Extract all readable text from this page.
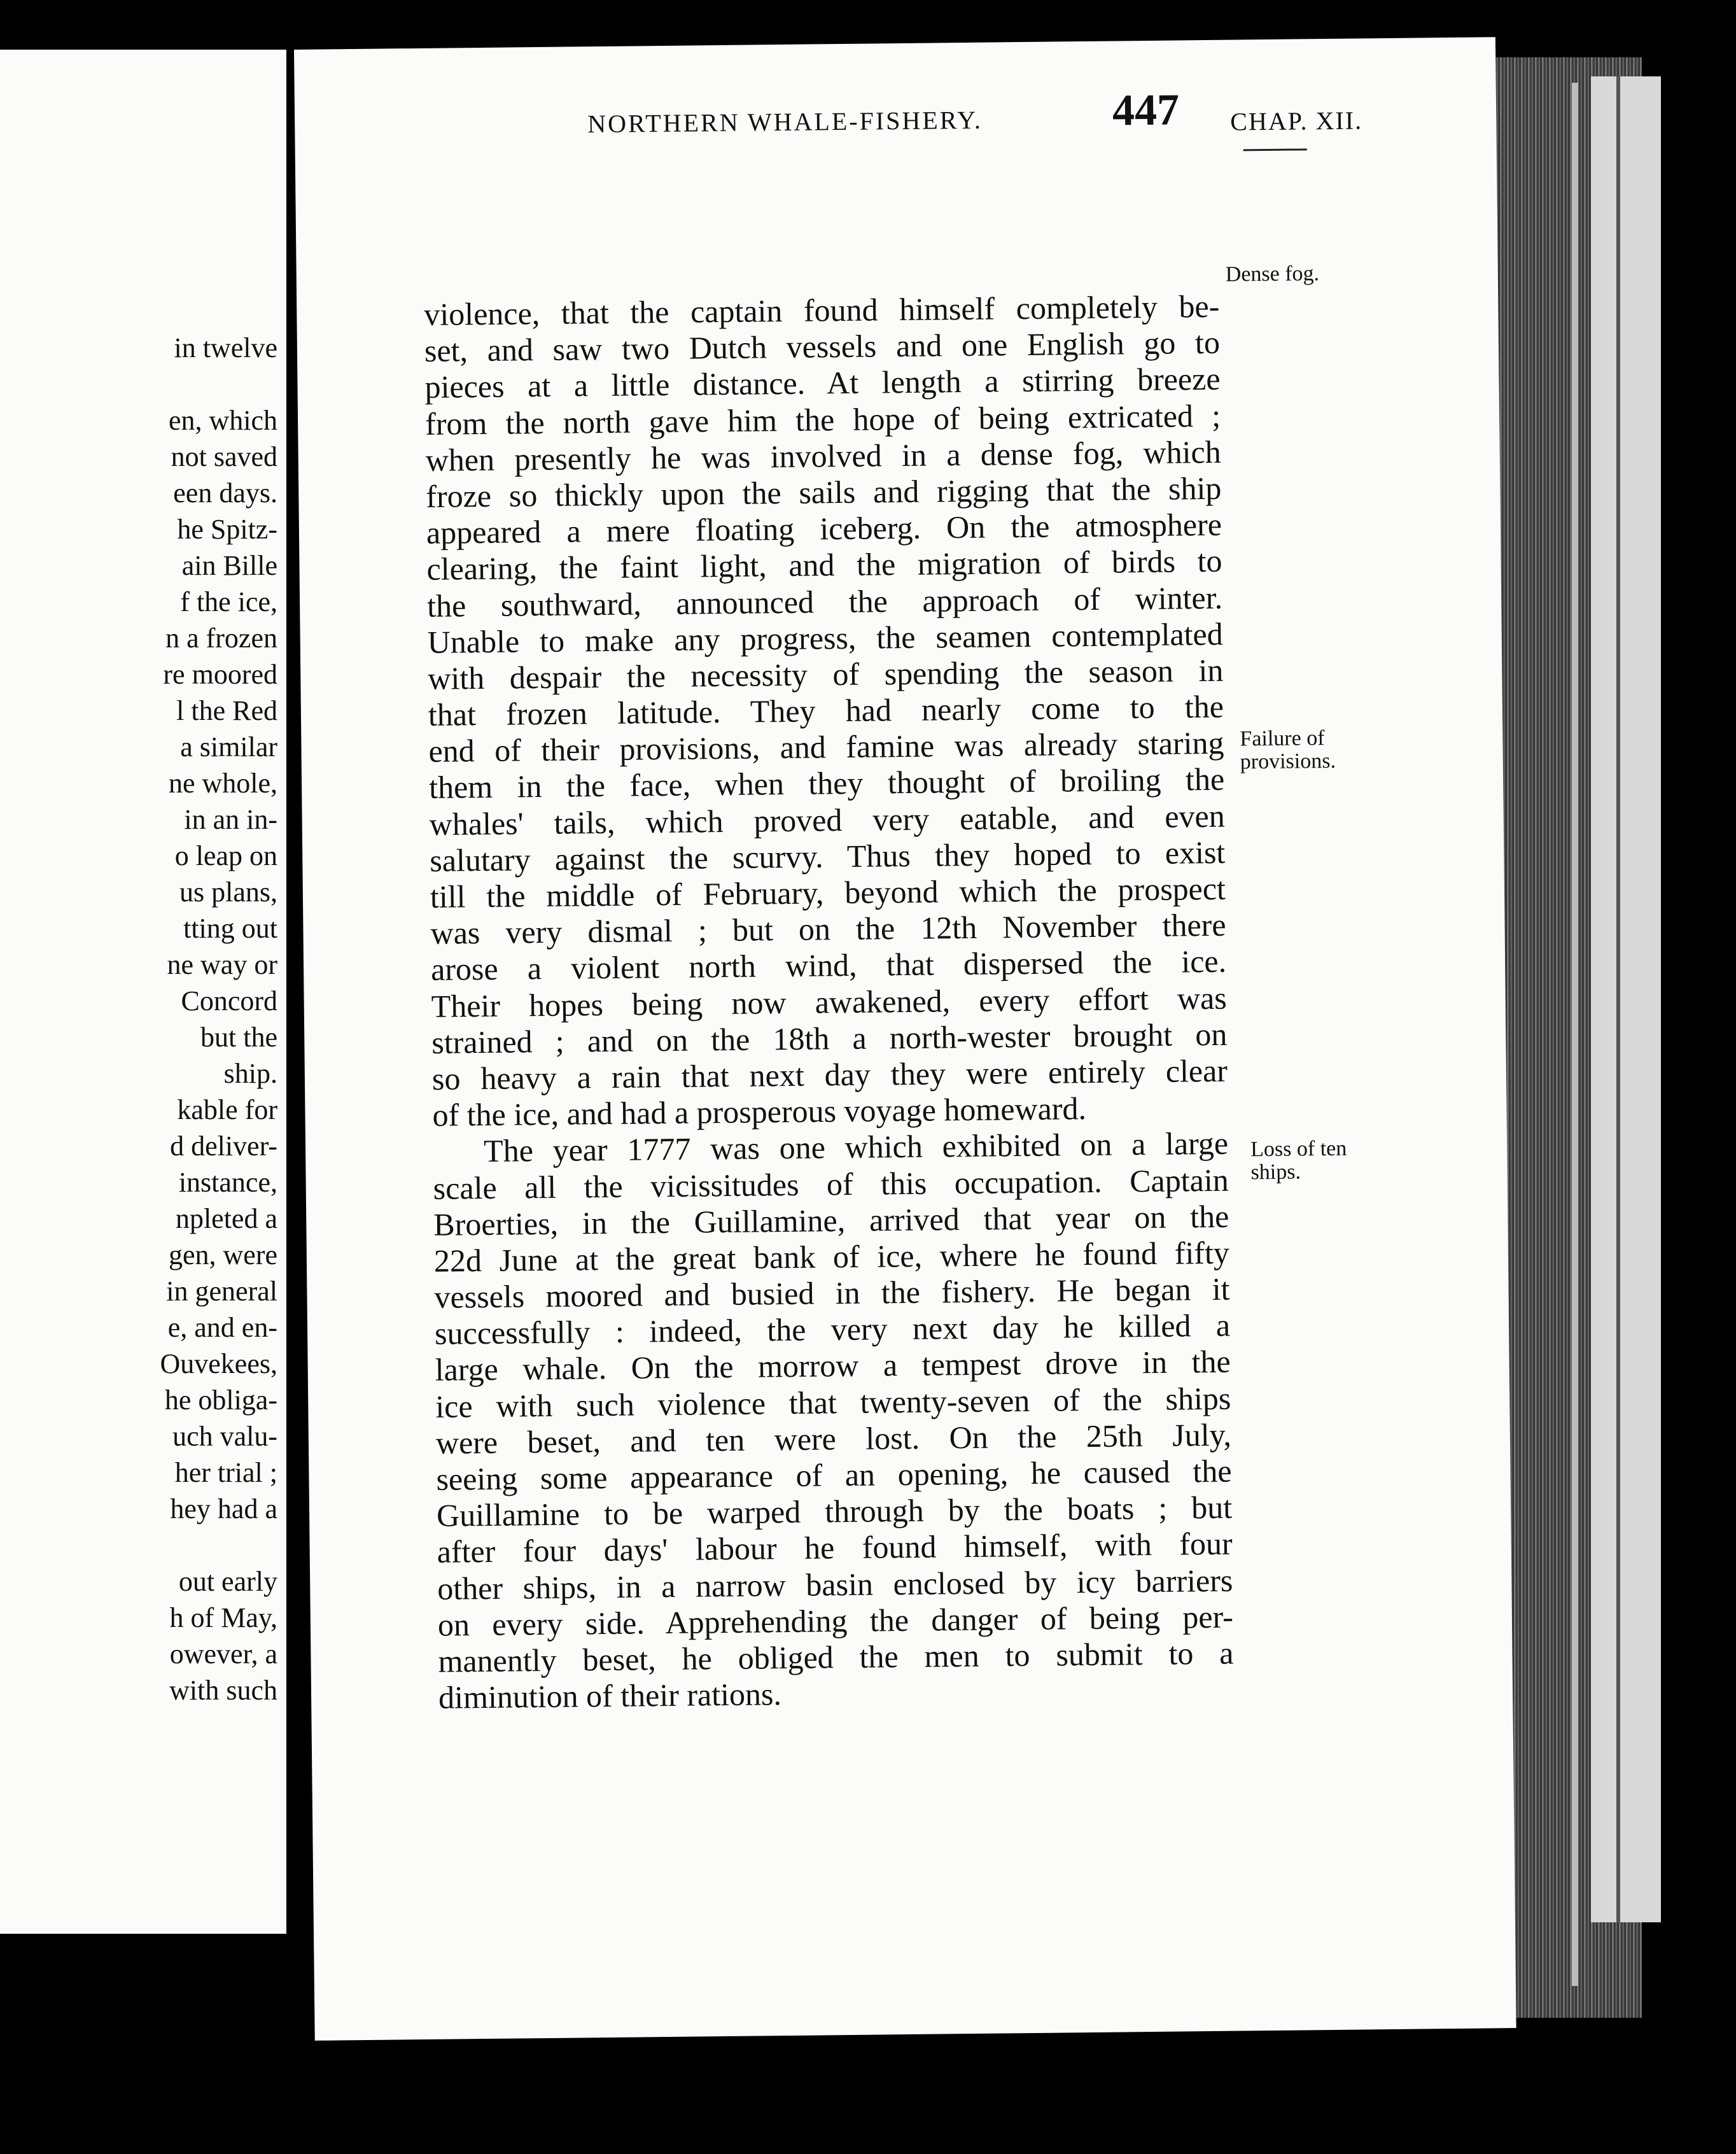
in twelve
en, which
not saved
een days.
he Spitz-
ain Bille
f the ice,
n a frozen
re moored
l the Red
a similar
ne whole,
in an in-
o leap on
us plans,
tting out
ne way or
Concord
but the
ship.
kable for
d deliver-
instance,
npleted a
gen, were
in general
e, and en-
Ouvekees,
he obliga-
uch valu-
her trial ;
hey had a
out early
h of May,
owever, a
with such
NORTHERN WHALE-FISHERY.	447
violence, that the captain found himself completely be-
set, and saw two Dutch vessels and one English go to
pieces at a little distance. At length a stirring breeze
from the north gave him the hope of being extricated ;
when presently he was involved in a dense fog, which
froze so thickly upon the sails and rigging that the ship
appeared a mere floating iceberg. On the atmosphere
clearing, the faint light, and the migration of birds to
the southward, announced the approach of winter.
Unable to make any progress, the seamen contemplated
with despair the necessity of spending the season in
that frozen latitude. They had nearly come to the
end of their provisions, and famine was already staring
them in the face, when they thought of broiling the
whales' tails, which proved very eatable, and even
salutary against the scurvy. Thus they hoped to exist
till the middle of February, beyond which the prospect
was very dismal ; but on the 12th November there
arose a violent north wind, that dispersed the ice.
Their hopes being now awakened, every effort was
strained ; and on the 18th a north-wester brought on
so heavy a rain that next day they were entirely clear
of the ice, and had a prosperous voyage homeward.
The year 1777 was one which exhibited on a large
scale all the vicissitudes of this occupation. Captain
Broerties, in the Guillamine, arrived that year on the
22d June at the great bank of ice, where he found fifty
vessels moored and busied in the fishery. He began it
successfully : indeed, the very next day he killed a
large whale. On the morrow a tempest drove in the
ice with such violence that twenty-seven of the ships
were beset, and ten were lost. On the 25th July,
seeing some appearance of an opening, he caused the
Guillamine to be warped through by the boats ; but
after four days' labour he found himself, with four
other ships, in a narrow basin enclosed by icy barriers
on every side. Apprehending the danger of being per-
manently beset, he obliged the men to submit to a
diminution of their rations.
CHAP. XII.
Dense fog.
Failure of
provisions.
Loss of ten
ships.
